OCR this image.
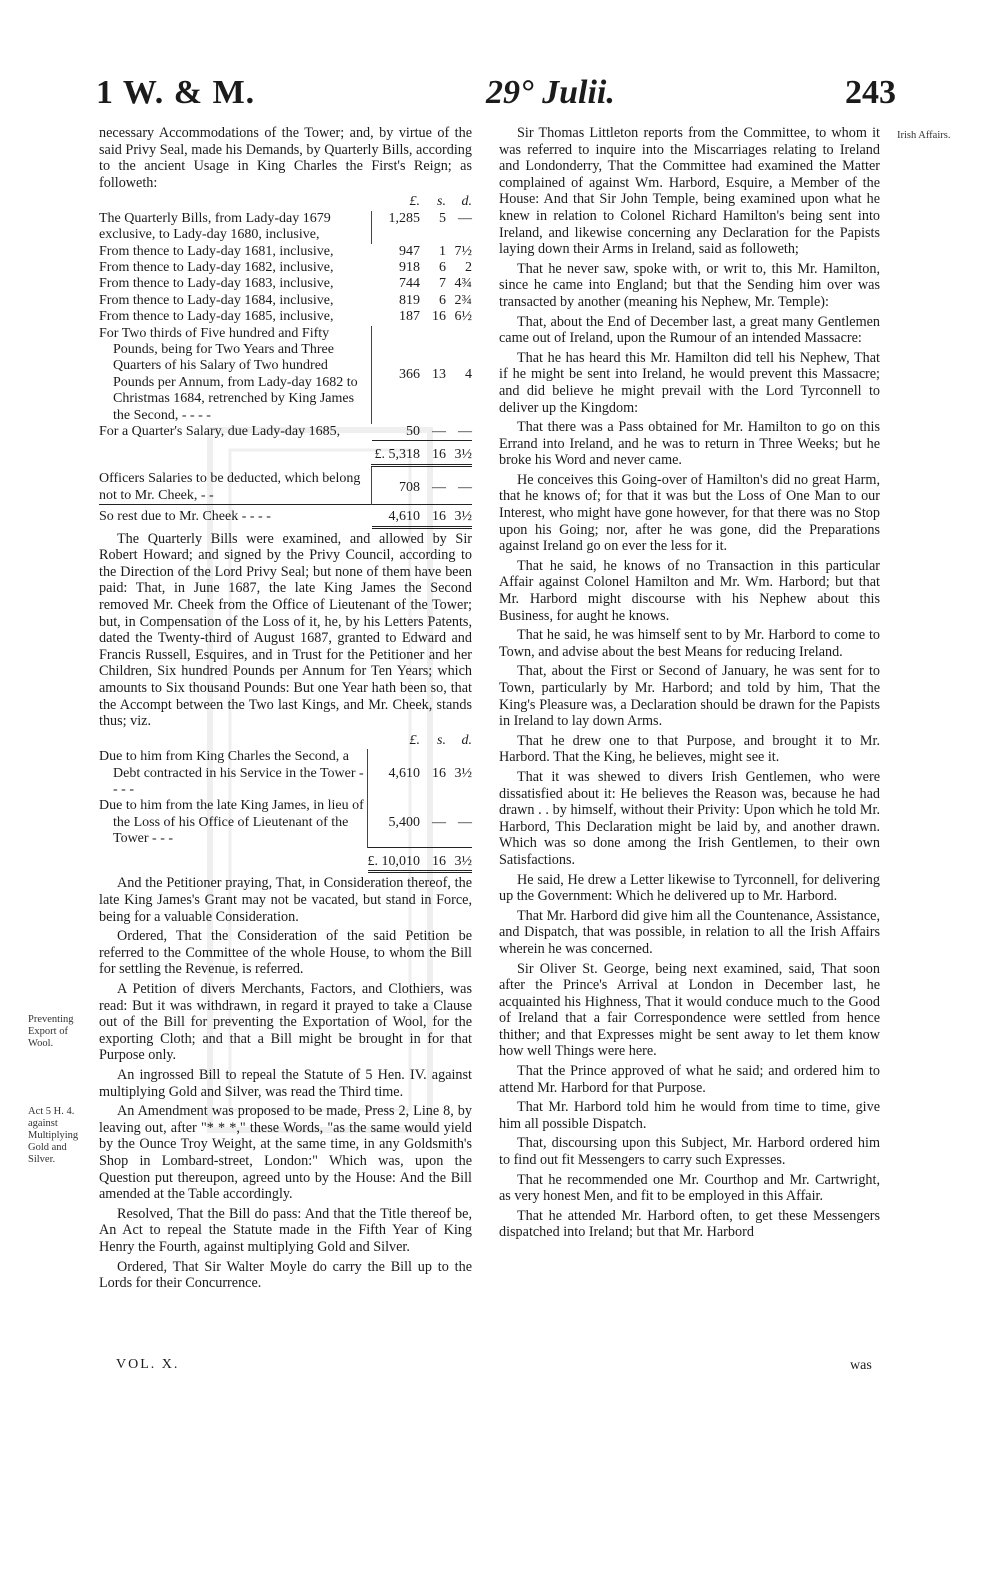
1 W. & M.	29° Julii.	243

necessary Accommodations of the Tower; and, by virtue of the said Privy Seal, made his Demands, by Quarterly Bills, according to the ancient Usage in King Charles the First's Reign; as followeth:

	£.	s.	d.
The Quarterly Bills, from Lady-day 1679 exclusive, to Lady-day 1680, inclusive,	1,285	5	—
From thence to Lady-day 1681, inclusive,	947	1	7½
From thence to Lady-day 1682, inclusive,	918	6	2
From thence to Lady-day 1683, inclusive,	744	7	4¾
From thence to Lady-day 1684, inclusive,	819	6	2¾
From thence to Lady-day 1685, inclusive,	187	16	6½
For Two thirds of Five hundred and Fifty Pounds, being for Two Years and Three Quarters of his Salary of Two hundred Pounds per Annum, from Lady-day 1682 to Christmas 1684, retrenched by King James the Second, - - - -	366	13	4
For a Quarter's Salary, due Lady-day 1685,	50	—	—
	£. 5,318	16	3½
Officers Salaries to be deducted, which belong not to Mr. Cheek, - -	708	—	—
So rest due to Mr. Cheek - - - -	4,610	16	3½

The Quarterly Bills were examined, and allowed by Sir Robert Howard; and signed by the Privy Council, according to the Direction of the Lord Privy Seal; but none of them have been paid: That, in June 1687, the late King James the Second removed Mr. Cheek from the Office of Lieutenant of the Tower; but, in Compensation of the Loss of it, he, by his Letters Patents, dated the Twenty-third of August 1687, granted to Edward and Francis Russell, Esquires, and in Trust for the Petitioner and her Children, Six hundred Pounds per Annum for Ten Years; which amounts to Six thousand Pounds: But one Year hath been so, that the Accompt between the Two last Kings, and Mr. Cheek, stands thus; viz.

	£.	s.	d.
Due to him from King Charles the Second, a Debt contracted in his Service in the Tower - - - -	4,610	16	3½
Due to him from the late King James, in lieu of the Loss of his Office of Lieutenant of the Tower - - -	5,400	—	—
	£. 10,010	16	3½

And the Petitioner praying, That, in Consideration thereof, the late King James's Grant may not be vacated, but stand in Force, being for a valuable Consideration.

Ordered, That the Consideration of the said Petition be referred to the Committee of the whole House, to whom the Bill for settling the Revenue, is referred.

A Petition of divers Merchants, Factors, and Clothiers, was read: But it was withdrawn, in regard it prayed to take a Clause out of the Bill for preventing the Exportation of Wool, for the exporting Cloth; and that a Bill might be brought in for that Purpose only.

An ingrossed Bill to repeal the Statute of 5 Hen. IV. against multiplying Gold and Silver, was read the Third time.

An Amendment was proposed to be made, Press 2, Line 8, by leaving out, after "* * *," these Words, "as the same would yield by the Ounce Troy Weight, at the same time, in any Goldsmith's Shop in Lombard-street, London:" Which was, upon the Question put thereupon, agreed unto by the House: And the Bill amended at the Table accordingly.

Resolved, That the Bill do pass: And that the Title thereof be, An Act to repeal the Statute made in the Fifth Year of King Henry the Fourth, against multiplying Gold and Silver.

Ordered, That Sir Walter Moyle do carry the Bill up to the Lords for their Concurrence.

Preventing Export of Wool.
Act 5 H. 4. against Multiplying Gold and Silver.
Irish Affairs.

Sir Thomas Littleton reports from the Committee, to whom it was referred to inquire into the Miscarriages relating to Ireland and Londonderry, That the Committee had examined the Matter complained of against Wm. Harbord, Esquire, a Member of the House: And that Sir John Temple, being examined upon what he knew in relation to Colonel Richard Hamilton's being sent into Ireland, and likewise concerning any Declaration for the Papists laying down their Arms in Ireland, said as followeth;

That he never saw, spoke with, or writ to, this Mr. Hamilton, since he came into England; but that the Sending him over was transacted by another (meaning his Nephew, Mr. Temple):

That, about the End of December last, a great many Gentlemen came out of Ireland, upon the Rumour of an intended Massacre:

That he has heard this Mr. Hamilton did tell his Nephew, That if he might be sent into Ireland, he would prevent this Massacre; and did believe he might prevail with the Lord Tyrconnell to deliver up the Kingdom:

That there was a Pass obtained for Mr. Hamilton to go on this Errand into Ireland, and he was to return in Three Weeks; but he broke his Word and never came.

He conceives this Going-over of Hamilton's did no great Harm, that he knows of; for that it was but the Loss of One Man to our Interest, who might have gone however, for that there was no Stop upon his Going; nor, after he was gone, did the Preparations against Ireland go on ever the less for it.

That he said, he knows of no Transaction in this particular Affair against Colonel Hamilton and Mr. Wm. Harbord; but that Mr. Harbord might discourse with his Nephew about this Business, for aught he knows.

That he said, he was himself sent to by Mr. Harbord to come to Town, and advise about the best Means for reducing Ireland.

That, about the First or Second of January, he was sent for to Town, particularly by Mr. Harbord; and told by him, That the King's Pleasure was, a Declaration should be drawn for the Papists in Ireland to lay down Arms.

That he drew one to that Purpose, and brought it to Mr. Harbord. That the King, he believes, might see it.

That it was shewed to divers Irish Gentlemen, who were dissatisfied about it: He believes the Reason was, because he had drawn . . by himself, without their Privity: Upon which he told Mr. Harbord, This Declaration might be laid by, and another drawn. Which was so done among the Irish Gentlemen, to their own Satisfactions.

He said, He drew a Letter likewise to Tyrconnell, for delivering up the Government: Which he delivered up to Mr. Harbord.

That Mr. Harbord did give him all the Countenance, Assistance, and Dispatch, that was possible, in relation to all the Irish Affairs wherein he was concerned.

Sir Oliver St. George, being next examined, said, That soon after the Prince's Arrival at London in December last, he acquainted his Highness, That it would conduce much to the Good of Ireland that a fair Correspondence were settled from hence thither; and that Expresses might be sent away to let them know how well Things were here.

That the Prince approved of what he said; and ordered him to attend Mr. Harbord for that Purpose.

That Mr. Harbord told him he would from time to time, give him all possible Dispatch.

That, discoursing upon this Subject, Mr. Harbord ordered him to find out fit Messengers to carry such Expresses.

That he recommended one Mr. Courthop and Mr. Cartwright, as very honest Men, and fit to be employed in this Affair.

That he attended Mr. Harbord often, to get these Messengers dispatched into Ireland; but that Mr. Harbord

VOL. X.	was
